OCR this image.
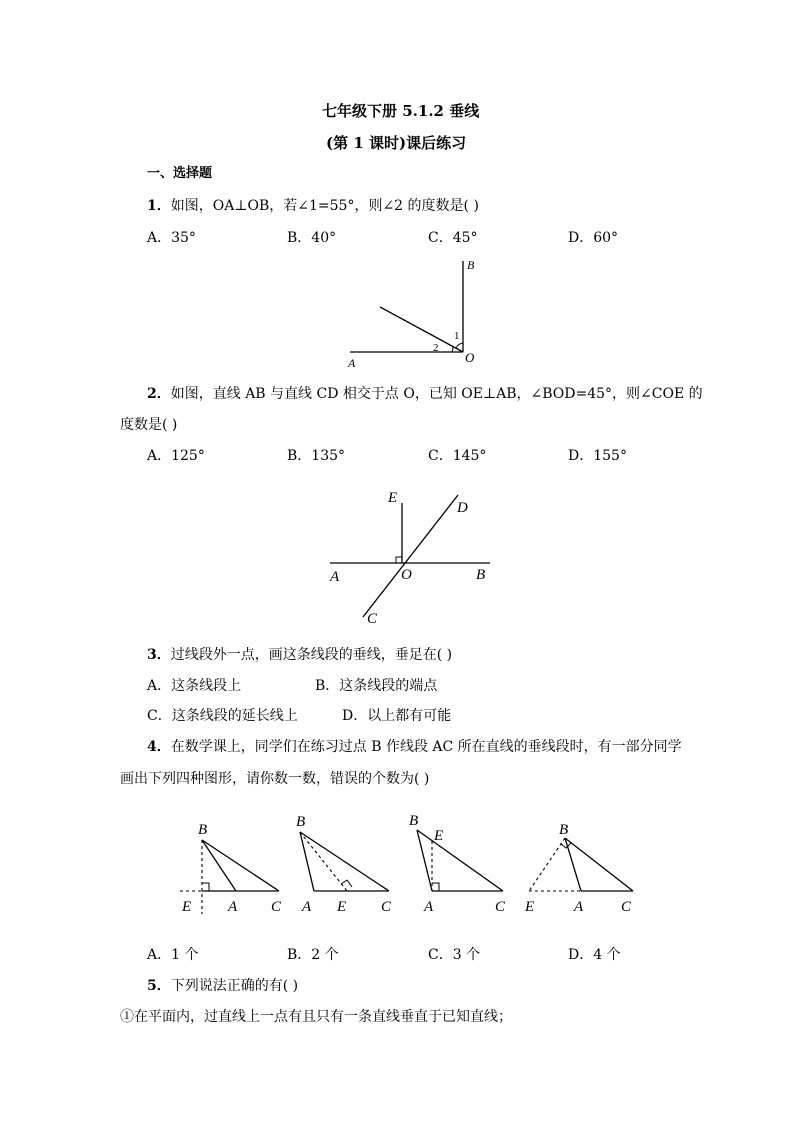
七年级下册 5.1.2 垂线
(第 1 课时)课后练习
一、选择题
1．如图，OA⊥OB，若∠1=55°，则∠2 的度数是( )
A．35°	B．40°	C．45°	D．60°
B
A	O
1
2
2．如图，直线 AB 与直线 CD 相交于点 O，已知 OE⊥AB，∠BOD=45°，则∠COE 的
度数是( )
A．125°	B．135°	C．145°	D．155°
E
D
A	O	B
C
3．过线段外一点，画这条线段的垂线，垂足在( )
A．这条线段上	B．这条线段的端点
C．这条线段的延长线上	D．以上都有可能
4．在数学课上，同学们在练习过点 B 作线段 AC 所在直线的垂线段时，有一部分同学
画出下列四种图形，请你数一数，错误的个数为( )
B
E A C
B
A E C
B
E
A	C
B
E	A	C
A．1 个	B．2 个	C．3 个	D．4 个
5．下列说法正确的有( )
①在平面内，过直线上一点有且只有一条直线垂直于已知直线；
